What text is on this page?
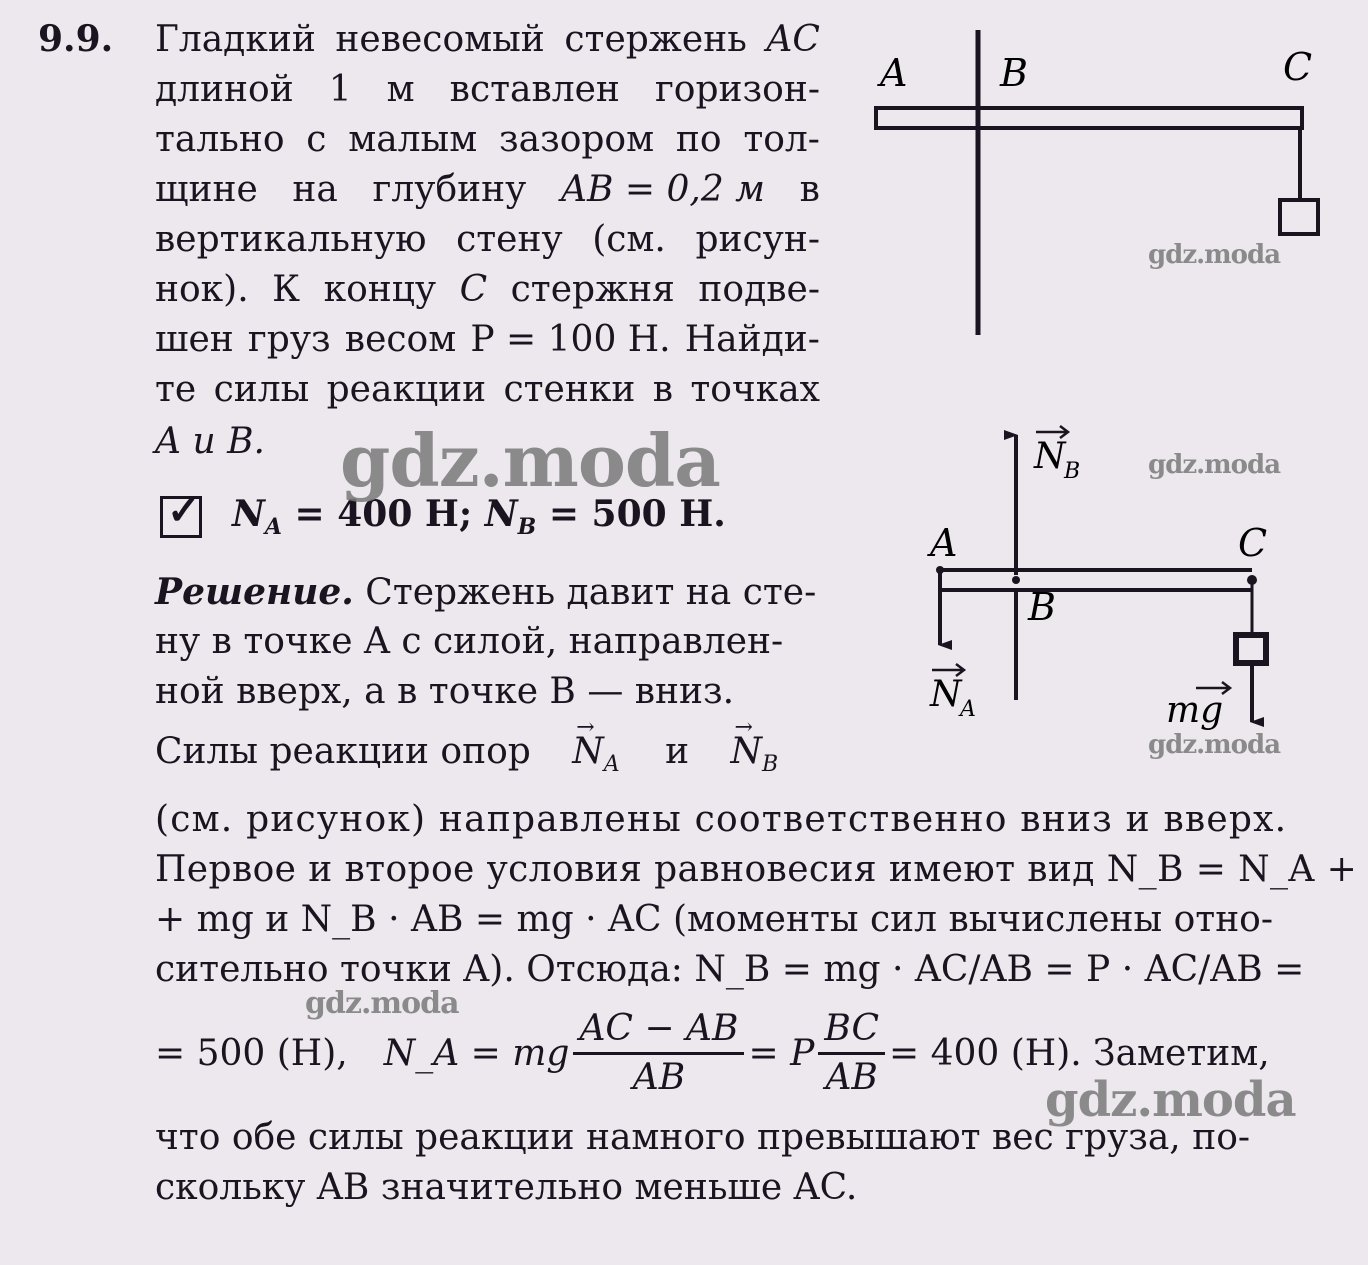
9.9. Гладкий невесомый стержень AC
длиной 1 м вставлен горизон-
тально с малым зазором по тол-
щине на глубину AB = 0,2 м в
вертикальную стену (см. рисун-
нок). К концу C стержня подве-
шен груз весом P = 100 Н. Найди-
те силы реакции стенки в точках
A и B.
$✓N_A = 400$ Н; $N_B = 500$ Н.
Решение. Стержень давит на сте-
ну в точке A с силой, направлен-
ной вверх, а в точке B — вниз.
Силы реакции опор → $N_A$ $и \to N_B$
(см. рисунок) направлены соответственно вниз и вверх.
Первое и второе условия равновесия имеют вид N_B = N_A +
+ mg и N_B · AB = mg · AC (моменты сил вычислены отно-
сительно точки A). Отсюда: N_B = mg · AC/AB = P · AC/AB =
= 500 (Н), N_A = mg $\frac{AC - AB}{AB} = P \frac{BC}{AB} = 400$ (Н). Заметим,
что обе силы реакции намного превышают вес груза, по-
скольку AB значительно меньше AC.
A B	C
A
B
C
N
B
N
A	mg
gdz.moda
gdz.moda
gdz.moda
gdz.moda
gdz.moda
gdz.moda
